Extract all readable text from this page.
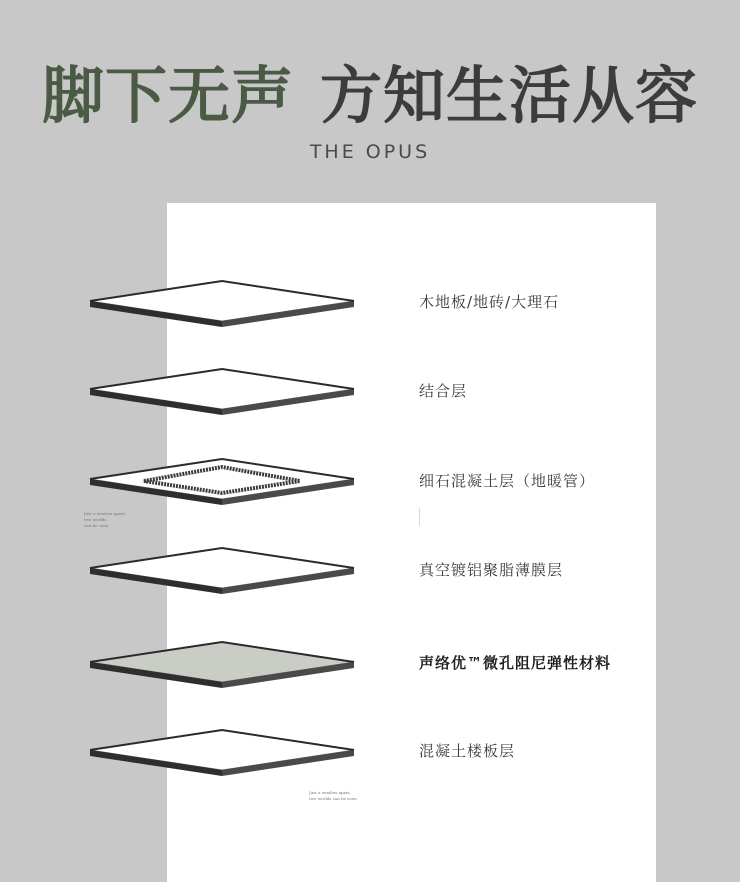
脚下无声 方知生活从容
THE OPUS
木地板/地砖/大理石
结合层
细石混凝土层（地暖管）
真空镀铝聚脂薄膜层
声络优™微孔阻尼弹性材料
混凝土楼板层
Just a window apart,
two worlds
can be seen
Just a window apart,
two worlds can be seen
